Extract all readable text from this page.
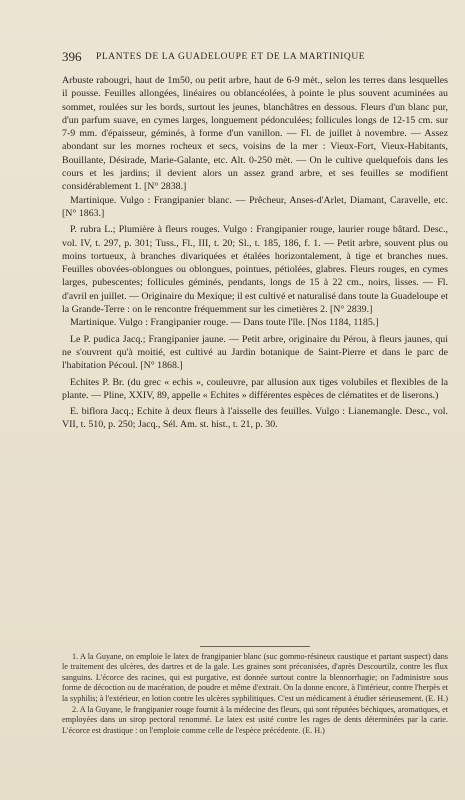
396 PLANTES DE LA GUADELOUPE ET DE LA MARTINIQUE

Arbuste rabougri, haut de 1m50, ou petit arbre, haut de 6-9 mèt., selon les terres dans lesquelles il pousse. Feuilles allongées, linéaires ou oblancéolées, à pointe le plus souvent acuminées au sommet, roulées sur les bords, surtout les jeunes, blanchâtres en dessous. Fleurs d'un blanc pur, d'un parfum suave, en cymes larges, longuement pédonculées; follicules longs de 12-15 cm. sur 7-9 mm. d'épaisseur, géminés, à forme d'un vanillon. — Fl. de juillet à novembre. — Assez abondant sur les mornes rocheux et secs, voisins de la mer : Vieux-Fort, Vieux-Habitants, Bouillante, Désirade, Marie-Galante, etc. Alt. 0-250 mèt. — On le cultive quelquefois dans les cours et les jardins; il devient alors un assez grand arbre, et ses feuilles se modifient considérablement 1. [N° 2838.]

Martinique. Vulgo : Frangipanier blanc. — Prêcheur, Anses-d'Arlet, Diamant, Caravelle, etc. [N° 1863.]

P. rubra L.; Plumière à fleurs rouges. Vulgo : Frangipanier rouge, laurier rouge bâtard. Desc., vol. IV, t. 297, p. 301; Tuss., Fl., III, t. 20; Sl., t. 185, 186, f. 1. — Petit arbre, souvent plus ou moins tortueux, à branches divariquées et étalées horizontalement, à tige et branches nues. Feuilles obovées-oblongues ou oblongues, pointues, pétiolées, glabres. Fleurs rouges, en cymes larges, pubescentes; follicules géminés, pendants, longs de 15 à 22 cm., noirs, lisses. — Fl. d'avril en juillet. — Originaire du Mexique; il est cultivé et naturalisé dans toute la Guadeloupe et la Grande-Terre : on le rencontre fréquemment sur les cimetières 2. [N° 2839.]

Martinique. Vulgo : Frangipanier rouge. — Dans toute l'île. [Nos 1184, 1185.]

Le P. pudica Jacq.; Frangipanier jaune. — Petit arbre, originaire du Pérou, à fleurs jaunes, qui ne s'ouvrent qu'à moitié, est cultivé au Jardin botanique de Saint-Pierre et dans le parc de l'habitation Pécoul. [N° 1868.]

Echites P. Br. (du grec « echis », couleuvre, par allusion aux tiges volubiles et flexibles de la plante. — Pline, XXIV, 89, appelle « Echites » différentes espèces de clématites et de liserons.)

E. biflora Jacq.; Echite à deux fleurs à l'aisselle des feuilles. Vulgo : Lianemangle. Desc., vol. VII, t. 510, p. 250; Jacq., Sél. Am. st. hist., t. 21, p. 30.

1. A la Guyane, on emploie le latex de frangipanier blanc (suc gommo-résineux caustique et partant suspect) dans le traitement des ulcères, des dartres et de la gale. Les graines sont préconisées, d'après Descourtilz, contre les flux sanguins. L'écorce des racines, qui est purgative, est donnée surtout contre la blennorrhagie; on l'administre sous forme de décoction ou de macération, de poudre et même d'extrait. On la donne encore, à l'intérieur, contre l'herpès et la syphilis; à l'extérieur, en lotion contre les ulcères syphilitiques. C'est un médicament à étudier sérieusement. (E. H.)

2. A la Guyane, le frangipanier rouge fournit à la médecine des fleurs, qui sont réputées béchiques, aromatiques, et employées dans un sirop pectoral renommé. Le latex est usité contre les rages de dents déterminées par la carie. L'écorce est drastique : on l'emploie comme celle de l'espèce précédente. (E. H.)
